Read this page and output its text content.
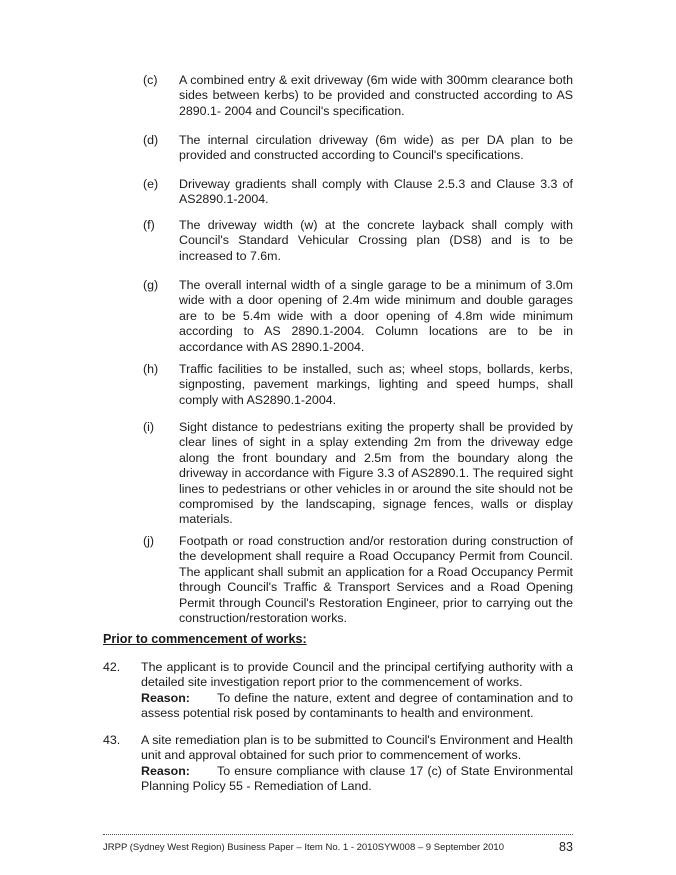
(c) A combined entry & exit driveway (6m wide with 300mm clearance both sides between kerbs) to be provided and constructed according to AS 2890.1- 2004 and Council's specification.
(d) The internal circulation driveway (6m wide) as per DA plan to be provided and constructed according to Council's specifications.
(e) Driveway gradients shall comply with Clause 2.5.3 and Clause 3.3 of AS2890.1-2004.
(f) The driveway width (w) at the concrete layback shall comply with Council's Standard Vehicular Crossing plan (DS8) and is to be increased to 7.6m.
(g) The overall internal width of a single garage to be a minimum of 3.0m wide with a door opening of 2.4m wide minimum and double garages are to be 5.4m wide with a door opening of 4.8m wide minimum according to AS 2890.1-2004. Column locations are to be in accordance with AS 2890.1-2004.
(h) Traffic facilities to be installed, such as; wheel stops, bollards, kerbs, signposting, pavement markings, lighting and speed humps, shall comply with AS2890.1-2004.
(i) Sight distance to pedestrians exiting the property shall be provided by clear lines of sight in a splay extending 2m from the driveway edge along the front boundary and 2.5m from the boundary along the driveway in accordance with Figure 3.3 of AS2890.1. The required sight lines to pedestrians or other vehicles in or around the site should not be compromised by the landscaping, signage fences, walls or display materials.
(j) Footpath or road construction and/or restoration during construction of the development shall require a Road Occupancy Permit from Council. The applicant shall submit an application for a Road Occupancy Permit through Council's Traffic & Transport Services and a Road Opening Permit through Council's Restoration Engineer, prior to carrying out the construction/restoration works.
Prior to commencement of works:
42. The applicant is to provide Council and the principal certifying authority with a detailed site investigation report prior to the commencement of works.
Reason: To define the nature, extent and degree of contamination and to assess potential risk posed by contaminants to health and environment.
43. A site remediation plan is to be submitted to Council's Environment and Health unit and approval obtained for such prior to commencement of works.
Reason: To ensure compliance with clause 17 (c) of State Environmental Planning Policy 55 - Remediation of Land.
JRPP (Sydney West Region) Business Paper – Item No. 1 - 2010SYW008 – 9 September 2010	83
